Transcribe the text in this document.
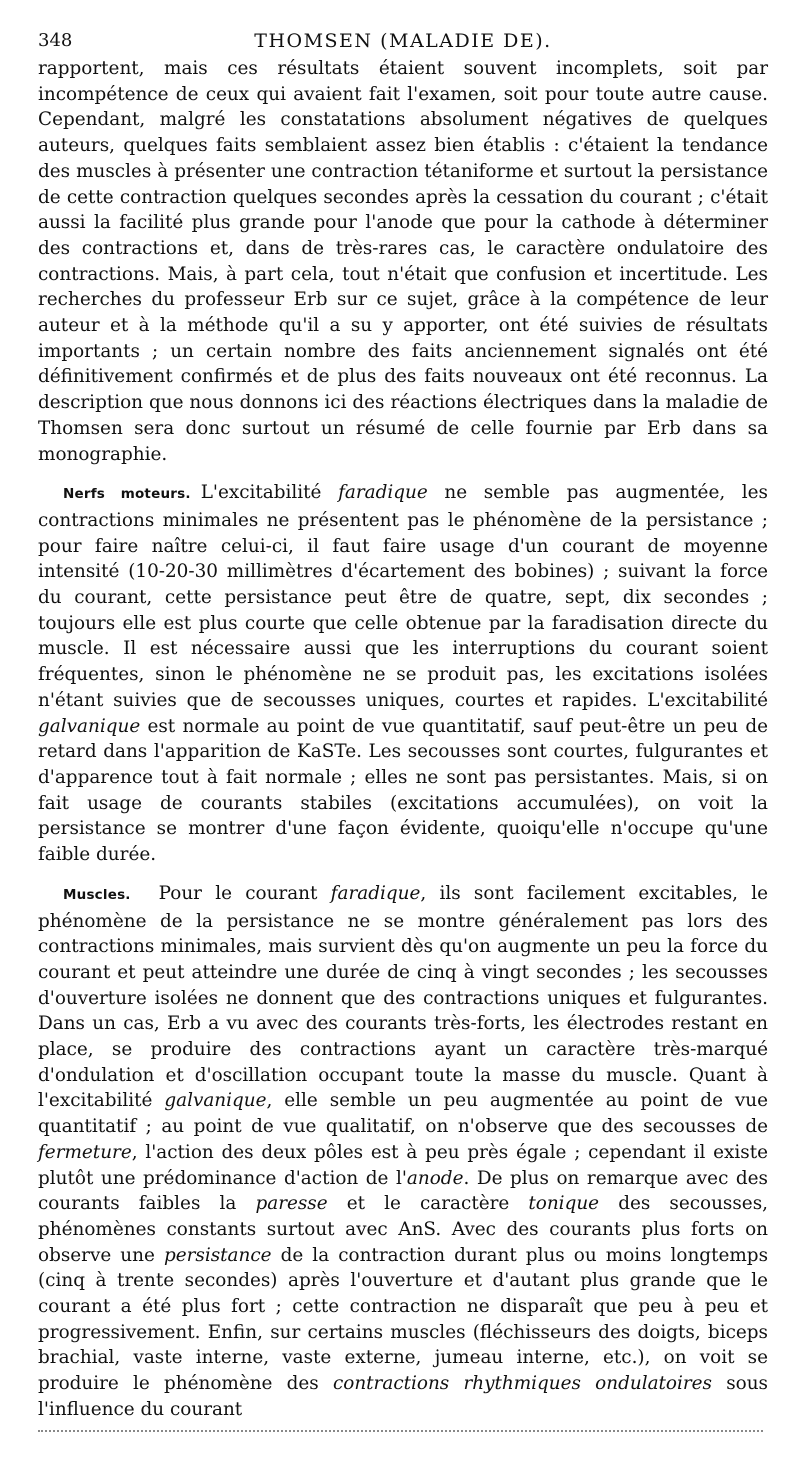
348	THOMSEN (MALADIE DE).

rapportent, mais ces résultats étaient souvent incomplets, soit par incompétence de ceux qui avaient fait l'examen, soit pour toute autre cause. Cependant, malgré les constatations absolument négatives de quelques auteurs, quelques faits semblaient assez bien établis : c'étaient la tendance des muscles à présenter une contraction tétaniforme et surtout la persistance de cette contraction quelques secondes après la cessation du courant ; c'était aussi la facilité plus grande pour l'anode que pour la cathode à déterminer des contractions et, dans de très-rares cas, le caractère ondulatoire des contractions. Mais, à part cela, tout n'était que confusion et incertitude. Les recherches du professeur Erb sur ce sujet, grâce à la compétence de leur auteur et à la méthode qu'il a su y apporter, ont été suivies de résultats importants ; un certain nombre des faits anciennement signalés ont été définitivement confirmés et de plus des faits nouveaux ont été reconnus. La description que nous donnons ici des réactions électriques dans la maladie de Thomsen sera donc surtout un résumé de celle fournie par Erb dans sa monographie.

Nerfs moteurs. L'excitabilité faradique ne semble pas augmentée, les contractions minimales ne présentent pas le phénomène de la persistance ; pour faire naître celui-ci, il faut faire usage d'un courant de moyenne intensité (10-20-30 millimètres d'écartement des bobines) ; suivant la force du courant, cette persistance peut être de quatre, sept, dix secondes ; toujours elle est plus courte que celle obtenue par la faradisation directe du muscle. Il est nécessaire aussi que les interruptions du courant soient fréquentes, sinon le phénomène ne se produit pas, les excitations isolées n'étant suivies que de secousses uniques, courtes et rapides. L'excitabilité galvanique est normale au point de vue quantitatif, sauf peut-être un peu de retard dans l'apparition de KaSTe. Les secousses sont courtes, fulgurantes et d'apparence tout à fait normale ; elles ne sont pas persistantes. Mais, si on fait usage de courants stabiles (excitations accumulées), on voit la persistance se montrer d'une façon évidente, quoiqu'elle n'occupe qu'une faible durée.

Muscles. Pour le courant faradique, ils sont facilement excitables, le phénomène de la persistance ne se montre généralement pas lors des contractions minimales, mais survient dès qu'on augmente un peu la force du courant et peut atteindre une durée de cinq à vingt secondes ; les secousses d'ouverture isolées ne donnent que des contractions uniques et fulgurantes. Dans un cas, Erb a vu avec des courants très-forts, les électrodes restant en place, se produire des contractions ayant un caractère très-marqué d'ondulation et d'oscillation occupant toute la masse du muscle. Quant à l'excitabilité galvanique, elle semble un peu augmentée au point de vue quantitatif ; au point de vue qualitatif, on n'observe que des secousses de fermeture, l'action des deux pôles est à peu près égale ; cependant il existe plutôt une prédominance d'action de l'anode. De plus on remarque avec des courants faibles la paresse et le caractère tonique des secousses, phénomènes constants surtout avec AnS. Avec des courants plus forts on observe une persistance de la contraction durant plus ou moins longtemps (cinq à trente secondes) après l'ouverture et d'autant plus grande que le courant a été plus fort ; cette contraction ne disparaît que peu à peu et progressivement. Enfin, sur certains muscles (fléchisseurs des doigts, biceps brachial, vaste interne, vaste externe, jumeau interne, etc.), on voit se produire le phénomène des contractions rhythmiques ondulatoires sous l'influence du courant
